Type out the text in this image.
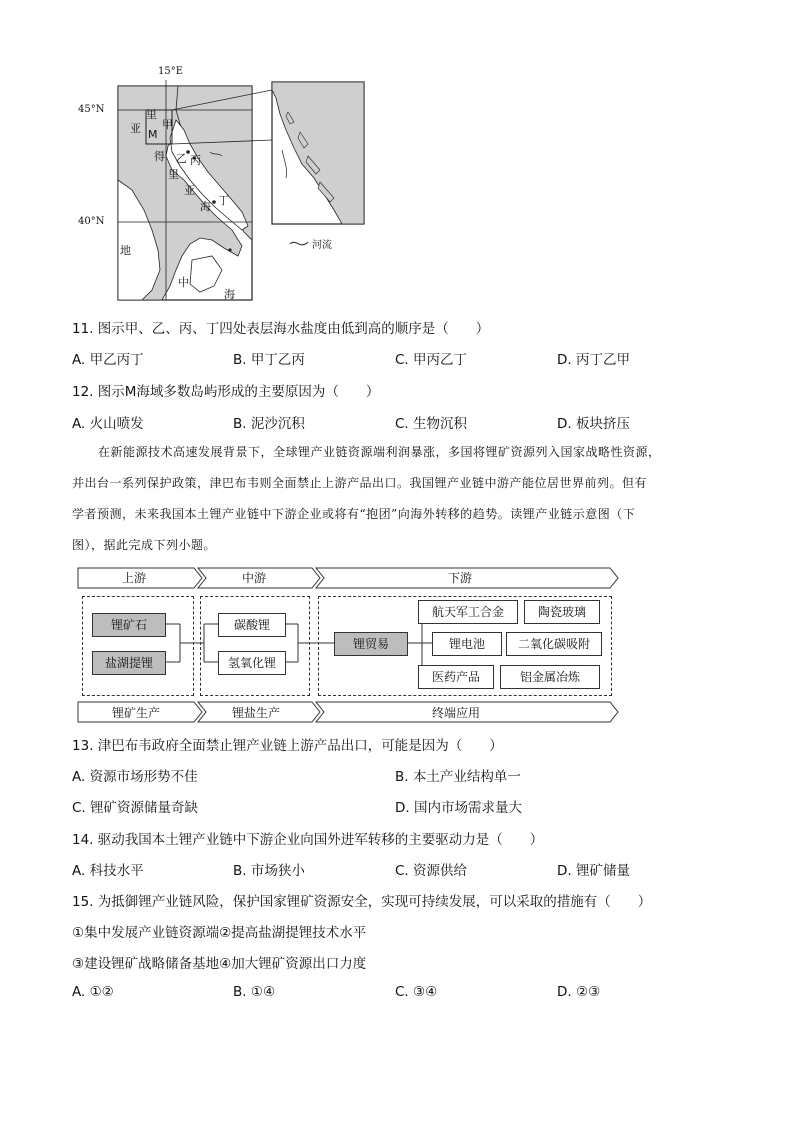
15°E
45°N
40°N
M
甲
乙 丙
丁
里
亚
得
里
亚
海
地
中
海
河流
11. 图示甲、乙、丙、丁四处表层海水盐度由低到高的顺序是（　　）
A. 甲乙丙丁	B. 甲丁乙丙	C. 甲丙乙丁	D. 丙丁乙甲
12. 图示M海域多数岛屿形成的主要原因为（　　）
A. 火山喷发	B. 泥沙沉积	C. 生物沉积	D. 板块挤压
在新能源技术高速发展背景下，全球锂产业链资源端利润暴涨，多国将锂矿资源列入国家战略性资源，
并出台一系列保护政策，津巴布韦则全面禁止上游产品出口。我国锂产业链中游产能位居世界前列。但有
学者预测，未来我国本土锂产业链中下游企业或将有“抱团”向海外转移的趋势。读锂产业链示意图（下
图），据此完成下列小题。
上游	中游	下游
锂矿石
盐湖提锂
碳酸锂
氢氧化锂
锂贸易
航天军工合金	陶瓷玻璃
锂电池	二氧化碳吸附
医药产品	铝金属冶炼
锂矿生产	锂盐生产	终端应用
13. 津巴布韦政府全面禁止锂产业链上游产品出口，可能是因为（　　）
A. 资源市场形势不佳	B. 本土产业结构单一
C. 锂矿资源储量奇缺	D. 国内市场需求量大
14. 驱动我国本土锂产业链中下游企业向国外进军转移的主要驱动力是（　　）
A. 科技水平	B. 市场狭小	C. 资源供给	D. 锂矿储量
15. 为抵御锂产业链风险，保护国家锂矿资源安全，实现可持续发展，可以采取的措施有（　　）
①集中发展产业链资源端②提高盐湖提锂技术水平
③建设锂矿战略储备基地④加大锂矿资源出口力度
A. ①②	B. ①④	C. ③④	D. ②③
